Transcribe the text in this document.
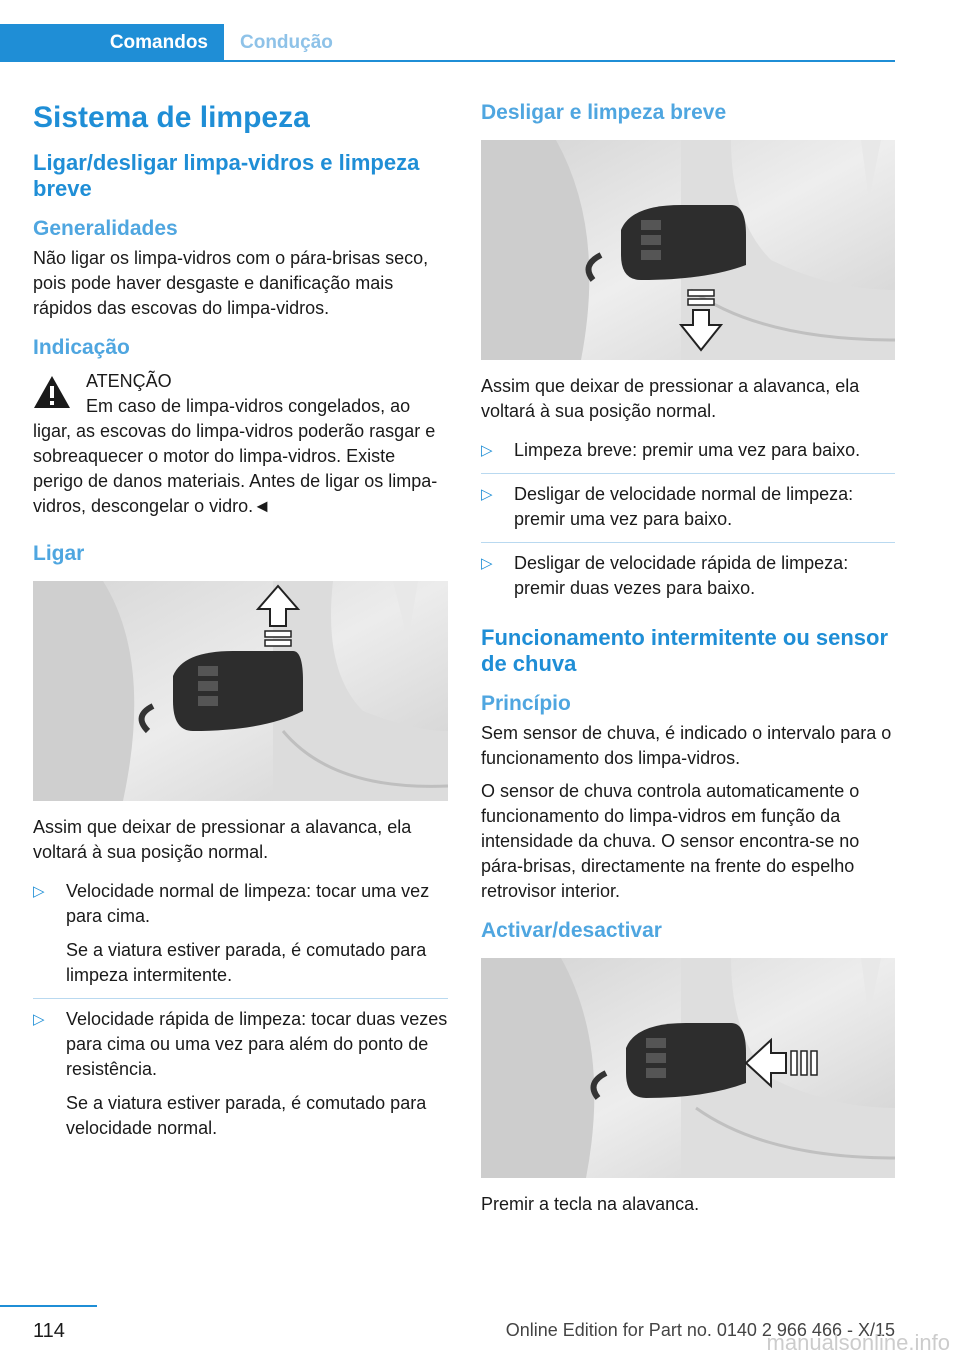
Comandos	Condução
Sistema de limpeza
Ligar/desligar limpa-vidros e limpeza breve
Generalidades
Não ligar os limpa-vidros com o pára-brisas seco, pois pode haver desgaste e danificação mais rápidos das escovas do limpa-vidros.
Indicação
ATENÇÃO
Em caso de limpa-vidros congelados, ao
ligar, as escovas do limpa-vidros poderão rasgar e sobreaquecer o motor do limpa-vidros. Existe perigo de danos materiais. Antes de ligar os limpa-vidros, descongelar o vidro.◄
Ligar
Assim que deixar de pressionar a alavanca, ela voltará à sua posição normal.
▷ Velocidade normal de limpeza: tocar uma vez para cima.
Se a viatura estiver parada, é comutado para limpeza intermitente.
▷ Velocidade rápida de limpeza: tocar duas vezes para cima ou uma vez para além do ponto de resistência.
Se a viatura estiver parada, é comutado para velocidade normal.
Desligar e limpeza breve
Assim que deixar de pressionar a alavanca, ela voltará à sua posição normal.
▷ Limpeza breve: premir uma vez para baixo.
▷ Desligar de velocidade normal de limpeza: premir uma vez para baixo.
▷ Desligar de velocidade rápida de limpeza: premir duas vezes para baixo.
Funcionamento intermitente ou sensor de chuva
Princípio
Sem sensor de chuva, é indicado o intervalo para o funcionamento dos limpa-vidros.
O sensor de chuva controla automaticamente o funcionamento do limpa-vidros em função da intensidade da chuva. O sensor encontra-se no pára-brisas, directamente na frente do espelho retrovisor interior.
Activar/desactivar
Premir a tecla na alavanca.
114	Online Edition for Part no. 0140 2 966 466 - X/15
manualsonline.info
